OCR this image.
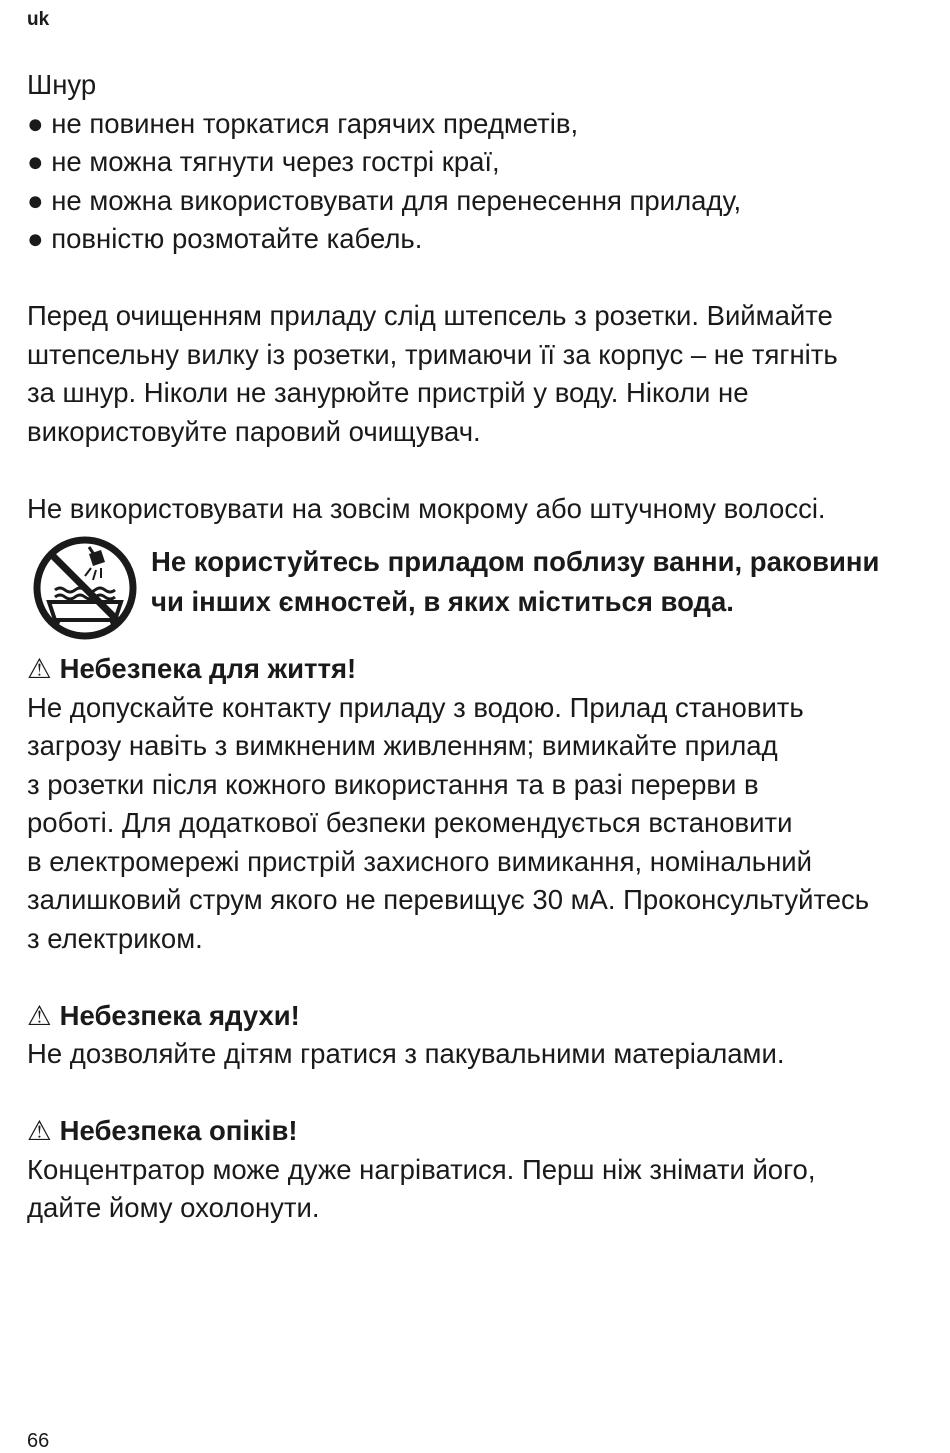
uk
Шнур
● не повинен торкатися гарячих предметів,
● не можна тягнути через гострі краї,
● не можна використовувати для перенесення приладу,
● повністю розмотайте кабель.
Перед очищенням приладу слід штепсель з розетки. Виймайте
штепсельну вилку із розетки, тримаючи її за корпус – не тягніть
за шнур. Ніколи не занурюйте пристрій у воду. Ніколи не
використовуйте паровий очищувач.
Не використовувати на зовсім мокрому або штучному волоссі.
Не користуйтесь приладом поблизу ванни, раковини
чи інших ємностей, в яких міститься вода.
⚠ Небезпека для життя!
Не допускайте контакту приладу з водою. Прилад становить
загрозу навіть з вимкненим живленням; вимикайте прилад
з розетки після кожного використання та в разі перерви в
роботі. Для додаткової безпеки рекомендується встановити
в електромережі пристрій захисного вимикання, номінальний
залишковий струм якого не перевищує 30 мА. Проконсультуйтесь
з електриком.
⚠ Небезпека ядухи!
Не дозволяйте дітям гратися з пакувальними матеріалами.
⚠ Небезпека опіків!
Концентратор може дуже нагріватися. Перш ніж знімати його,
дайте йому охолонути.
66
